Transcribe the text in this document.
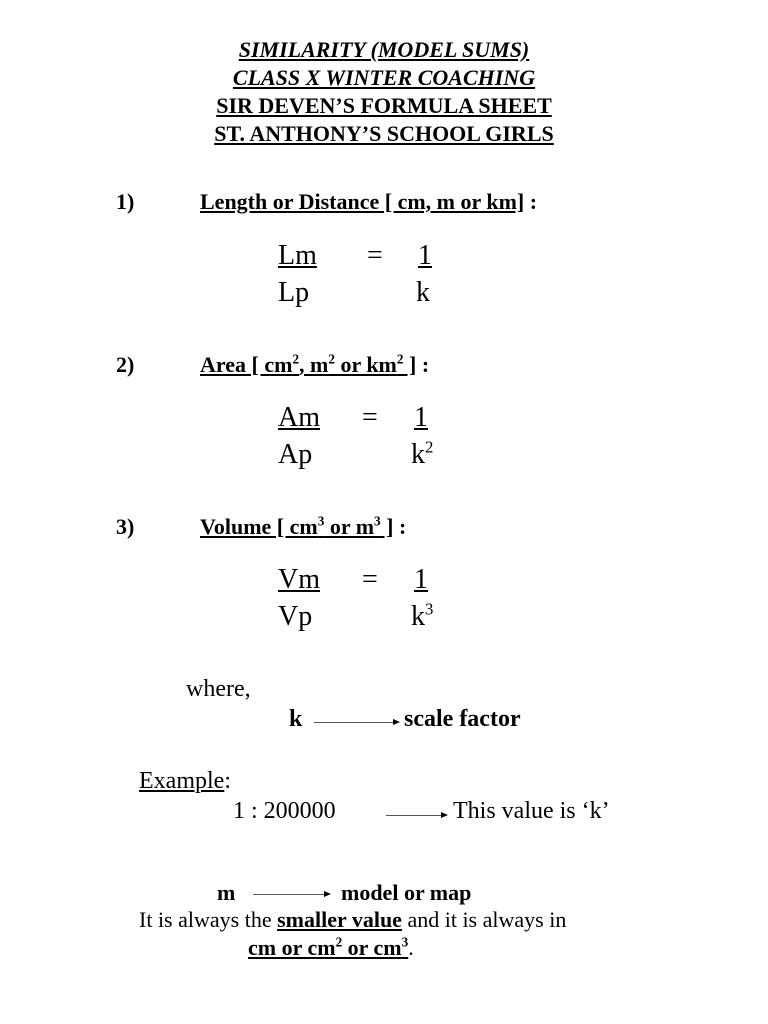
SIMILARITY (MODEL SUMS)
CLASS X WINTER COACHING
SIR DEVEN’S FORMULA SHEET
ST. ANTHONY’S SCHOOL GIRLS
1)	Length or Distance [ cm, m or km] :
Lm = 1
Lp	k
2)	Area [ $cm^2$, $m^2$ or $km^2$ ] :
Am = 1
Ap	$k^2$
3)	Volume [ $cm^3$ or $m^3$ ] :
Vm = 1
Vp	$k^3$
where,
k	scale factor
Example:
1 : 200000	This value is ‘k’
m	model or map
It is always the smaller value and it is always in
cm or $cm^2$ or $cm^3$.
